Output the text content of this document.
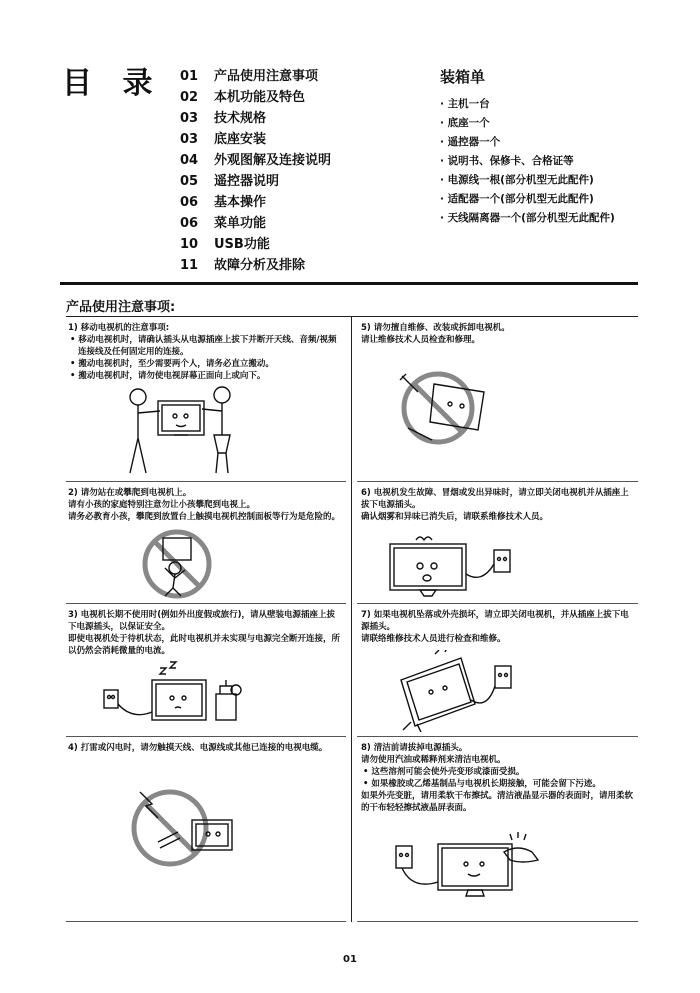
目 录 01 产品使用注意事项
02 本机功能及特色
03 技术规格
03 底座安装
04 外观图解及连接说明
05 遥控器说明
06 基本操作
06 菜单功能
10 USB功能
11 故障分析及排除
装箱单
· 主机一台
· 底座一个
· 遥控器一个
· 说明书、保修卡、合格证等
· 电源线一根(部分机型无此配件)
· 适配器一个(部分机型无此配件)
· 天线隔离器一个(部分机型无此配件)
产品使用注意事项:

1) 移动电视机的注意事项:

• 移动电视机时，请确认插头从电源插座上拔下并断开天线、音频/视频连接线及任何固定用的连接。

• 搬动电视机时，至少需要两个人，请务必直立搬动。

• 搬动电视机时，请勿使电视屏幕正面向上或向下。

2) 请勿站在或攀爬到电视机上。

请有小孩的家庭特别注意勿让小孩攀爬到电视上。

请务必教育小孩，攀爬到放置台上触摸电视机控制面板等行为是危险的。

3) 电视机长期不使用时(例如外出度假或旅行)，请从壁装电源插座上拔下电源插头，以保证安全。

即使电视机处于待机状态，此时电视机并未实现与电源完全断开连接，所以仍然会消耗微量的电流。

4) 打雷或闪电时，请勿触摸天线、电源线或其他已连接的电视电缆。

5) 请勿擅自维修、改装或拆卸电视机。

请让维修技术人员检查和修理。

6) 电视机发生故障、冒烟或发出异味时，请立即关闭电视机并从插座上拔下电源插头。

确认烟雾和异味已消失后，请联系维修技术人员。

7) 如果电视机坠落或外壳损坏，请立即关闭电视机，并从插座上拔下电源插头。

请联络维修技术人员进行检查和维修。

8) 清洁前请拔掉电源插头。

请勿使用汽油或稀释剂来清洁电视机。

• 这些溶剂可能会使外壳变形或漆面受损。

• 如果橡胶或乙烯基制品与电视机长期接触，可能会留下污迹。

如果外壳变脏，请用柔软干布擦拭。清洁液晶显示器的表面时，请用柔软的干布轻轻擦拭液晶屏表面。

01
